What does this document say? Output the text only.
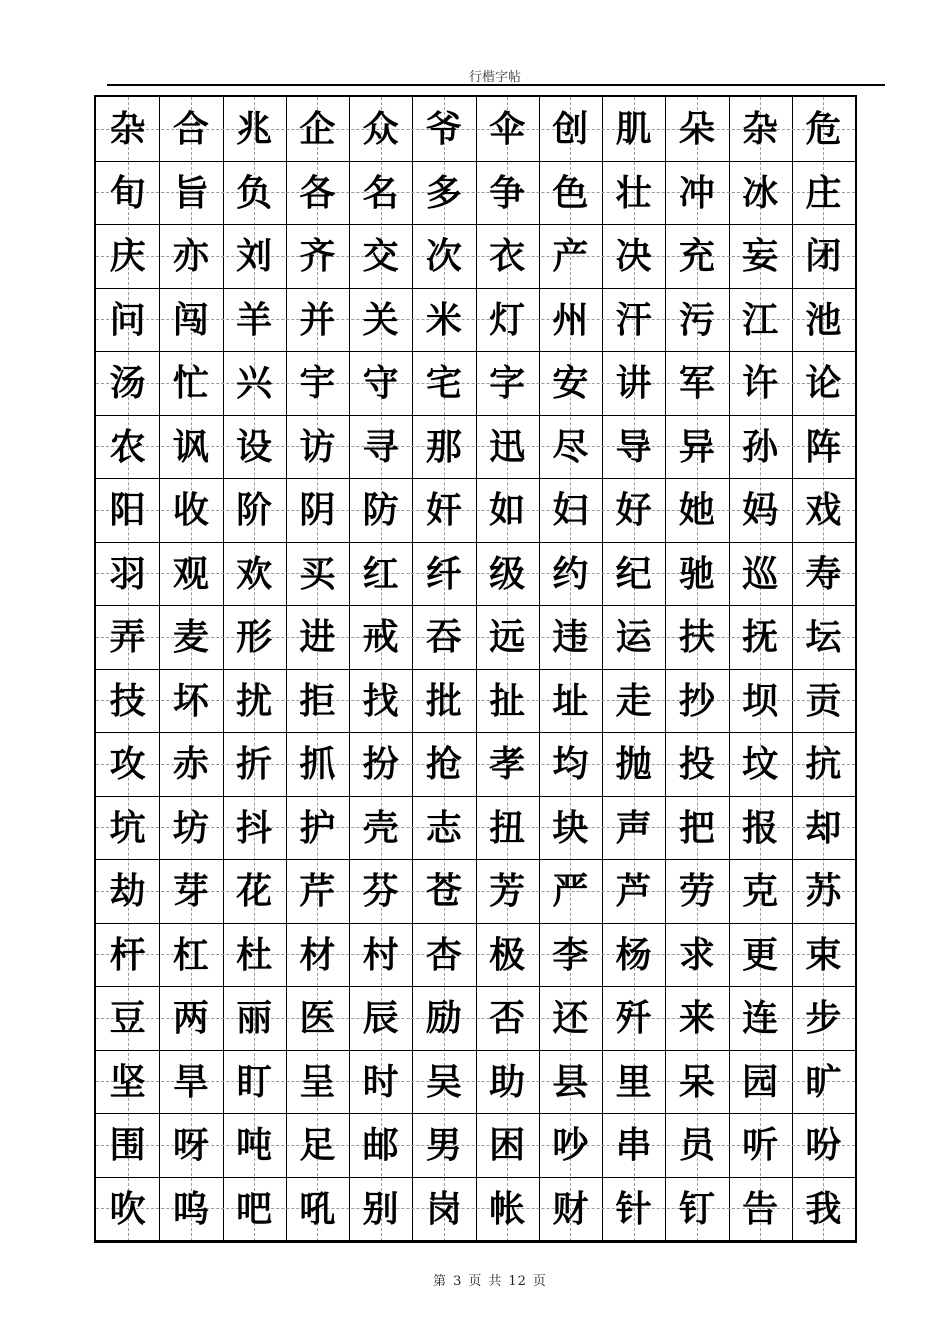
行楷字帖
杂 合 兆 企 众 爷 伞 创 肌 朵 杂 危
旬 旨 负 各 名 多 争 色 壮 冲 冰 庄
庆 亦 刘 齐 交 次 衣 产 决 充 妄 闭
问 闯 羊 并 关 米 灯 州 汗 污 江 池
汤 忙 兴 宇 守 宅 字 安 讲 军 许 论
农 讽 设 访 寻 那 迅 尽 导 异 孙 阵
阳 收 阶 阴 防 奸 如 妇 好 她 妈 戏
羽 观 欢 买 红 纤 级 约 纪 驰 巡 寿
弄 麦 形 进 戒 吞 远 违 运 扶 抚 坛
技 坏 扰 拒 找 批 扯 址 走 抄 坝 贡
攻 赤 折 抓 扮 抢 孝 均 抛 投 坟 抗
坑 坊 抖 护 壳 志 扭 块 声 把 报 却
劫 芽 花 芹 芬 苍 芳 严 芦 劳 克 苏
杆 杠 杜 材 村 杏 极 李 杨 求 更 束
豆 两 丽 医 辰 励 否 还 歼 来 连 步
坚 旱 盯 呈 时 吴 助 县 里 呆 园 旷
围 呀 吨 足 邮 男 困 吵 串 员 听 吩
吹 呜 吧 吼 别 岗 帐 财 针 钉 告 我
第 3 页 共 12 页
